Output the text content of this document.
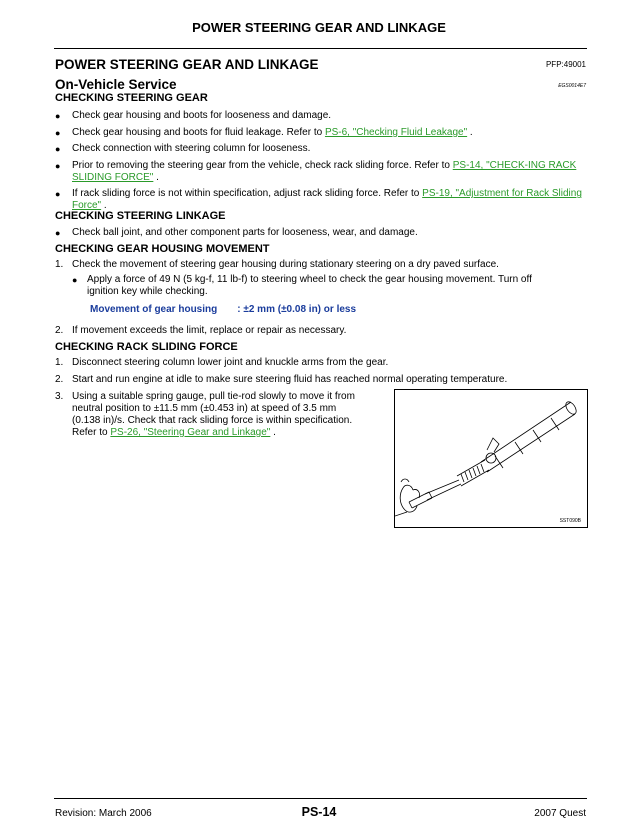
POWER STEERING GEAR AND LINKAGE
POWER STEERING GEAR AND LINKAGE	PFP:49001
On-Vehicle Service	EGS0014E7
CHECKING STEERING GEAR
● Check gear housing and boots for looseness and damage.
● Check gear housing and boots for fluid leakage. Refer to PS-6, "Checking Fluid Leakage" .
● Check connection with steering column for looseness.
● Prior to removing the steering gear from the vehicle, check rack sliding force. Refer to PS-14, "CHECK-ING RACK SLIDING FORCE" .
● If rack sliding force is not within specification, adjust rack sliding force. Refer to PS-19, "Adjustment for Rack Sliding Force" .
CHECKING STEERING LINKAGE
● Check ball joint, and other component parts for looseness, wear, and damage.
CHECKING GEAR HOUSING MOVEMENT
1. Check the movement of steering gear housing during stationary steering on a dry paved surface.
● Apply a force of 49 N (5 kg-f, 11 lb-f) to steering wheel to check the gear housing movement. Turn off ignition key while checking.
Movement of gear housing : ±2 mm (±0.08 in) or less
2. If movement exceeds the limit, replace or repair as necessary.
CHECKING RACK SLIDING FORCE
1. Disconnect steering column lower joint and knuckle arms from the gear.
2. Start and run engine at idle to make sure steering fluid has reached normal operating temperature.
3. Using a suitable spring gauge, pull tie-rod slowly to move it from
neutral position to ±11.5 mm (±0.453 in) at speed of 3.5 mm
(0.138 in)/s. Check that rack sliding force is within specification.
Refer to PS-26, "Steering Gear and Linkage" .
SST090B
Revision: March 2006	PS-14	2007 Quest
